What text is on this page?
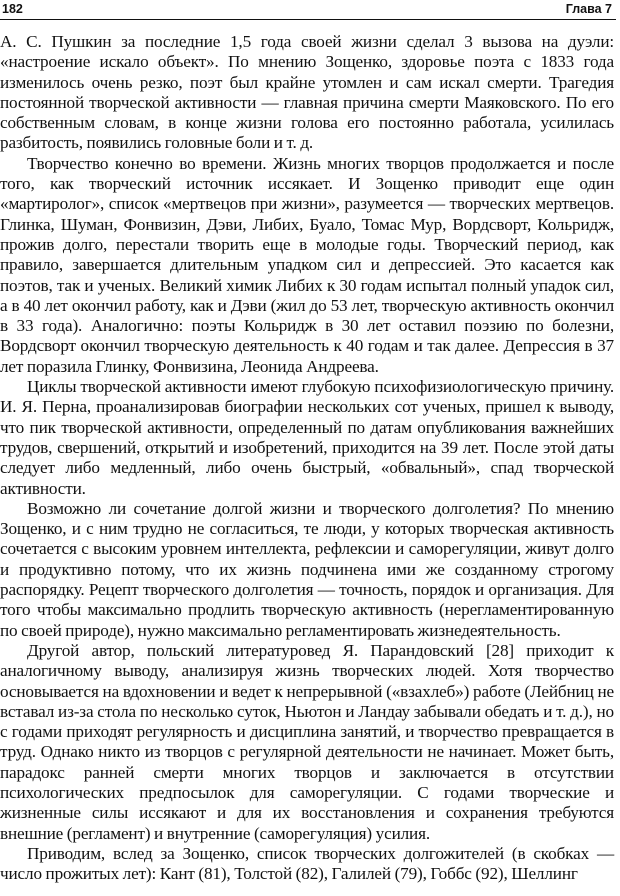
182	Глава 7

А. С. Пушкин за последние 1,5 года своей жизни сделал 3 вызова на дуэли: «настроение искало объект». По мнению Зощенко, здоровье поэта с 1833 года изменилось очень резко, поэт был крайне утомлен и сам искал смерти. Трагедия постоянной творческой активности — главная причина смерти Маяковского. По его собственным словам, в конце жизни голова его постоянно работала, усилилась разбитость, появились головные боли и т. д.

Творчество конечно во времени. Жизнь многих творцов продолжается и после того, как творческий источник иссякает. И Зощенко приводит еще один «мартиролог», список «мертвецов при жизни», разумеется — творческих мертвецов. Глинка, Шуман, Фонвизин, Дэви, Либих, Буало, Томас Мур, Вордсворт, Кольридж, прожив долго, перестали творить еще в молодые годы. Творческий период, как правило, завершается длительным упадком сил и депрессией. Это касается как поэтов, так и ученых. Великий химик Либих к 30 годам испытал полный упадок сил, а в 40 лет окончил работу, как и Дэви (жил до 53 лет, творческую активность окончил в 33 года). Аналогично: поэты Кольридж в 30 лет оставил поэзию по болезни, Вордсворт окончил творческую деятельность к 40 годам и так далее. Депрессия в 37 лет поразила Глинку, Фонвизина, Леонида Андреева.

Циклы творческой активности имеют глубокую психофизиологическую причину. И. Я. Перна, проанализировав биографии нескольких сот ученых, пришел к выводу, что пик творческой активности, определенный по датам опубликования важнейших трудов, свершений, открытий и изобретений, приходится на 39 лет. После этой даты следует либо медленный, либо очень быстрый, «обвальный», спад творческой активности.

Возможно ли сочетание долгой жизни и творческого долголетия? По мнению Зощенко, и с ним трудно не согласиться, те люди, у которых творческая активность сочетается с высоким уровнем интеллекта, рефлексии и саморегуляции, живут долго и продуктивно потому, что их жизнь подчинена ими же созданному строгому распорядку. Рецепт творческого долголетия — точность, порядок и организация. Для того чтобы максимально продлить творческую активность (нерегламентированную по своей природе), нужно максимально регламентировать жизнедеятельность.

Другой автор, польский литературовед Я. Парандовский [28] приходит к аналогичному выводу, анализируя жизнь творческих людей. Хотя творчество основывается на вдохновении и ведет к непрерывной («взахлеб») работе (Лейбниц не вставал из-за стола по несколько суток, Ньютон и Ландау забывали обедать и т. д.), но с годами приходят регулярность и дисциплина занятий, и творчество превращается в труд. Однако никто из творцов с регулярной деятельности не начинает. Может быть, парадокс ранней смерти многих творцов и заключается в отсутствии психологических предпосылок для саморегуляции. С годами творческие и жизненные силы иссякают и для их восстановления и сохранения требуются внешние (регламент) и внутренние (саморегуляция) усилия.

Приводим, вслед за Зощенко, список творческих долгожителей (в скобках — число прожитых лет): Кант (81), Толстой (82), Галилей (79), Гоббс (92), Шеллинг
